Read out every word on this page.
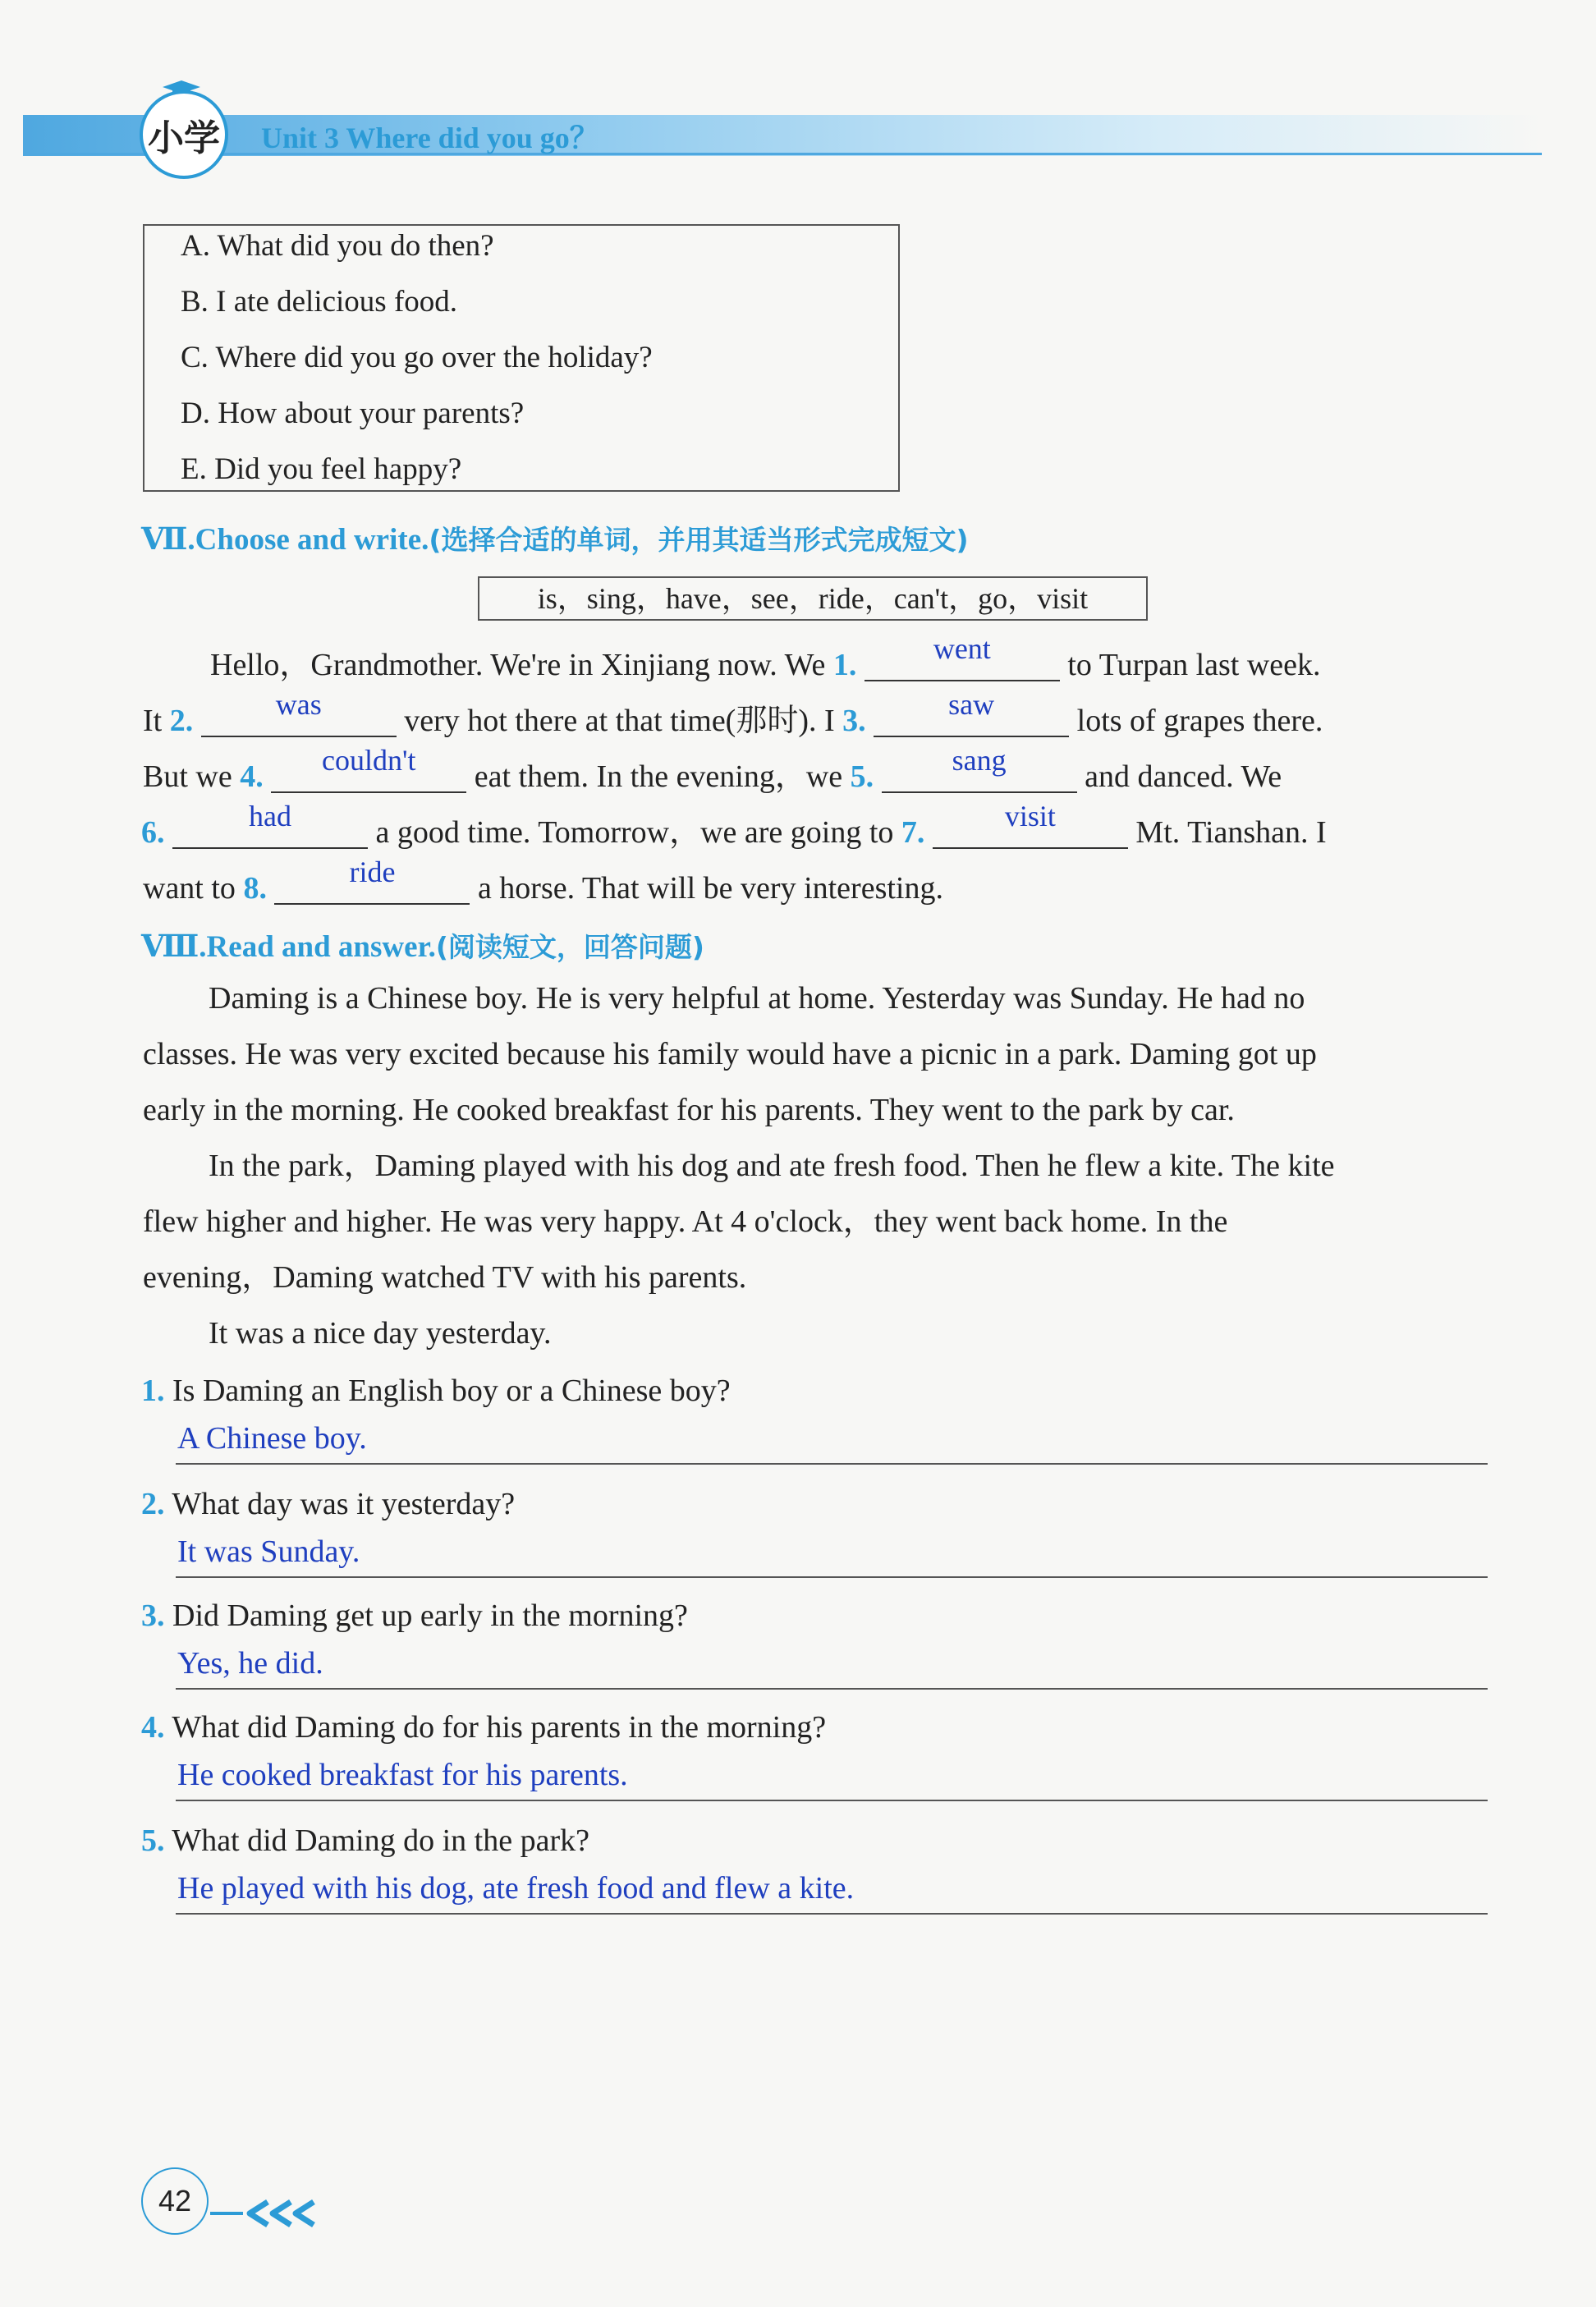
小学 Unit 3 Where did you go？
A. What did you do then?
B. I ate delicious food.
C. Where did you go over the holiday?
D. How about your parents?
E. Did you feel happy?
Ⅶ.Choose and write.(选择合适的单词，并用其适当形式完成短文)
is，sing，have，see，ride，can't，go，visit
Hello，Grandmother. We're in Xinjiang now. We 1.	went	to Turpan last week.
It 2.	was	very hot there at that time(那时). I 3.	saw	lots of grapes there.
But we 4.	couldn't	eat them. In the evening，we 5.	sang	and danced. We
6.	had	a good time. Tomorrow，we are going to 7.	visit	Mt. Tianshan. I
want to 8.	ride	a horse. That will be very interesting.
Ⅷ.Read and answer.(阅读短文，回答问题)
Daming is a Chinese boy. He is very helpful at home. Yesterday was Sunday. He had no
classes. He was very excited because his family would have a picnic in a park. Daming got up
early in the morning. He cooked breakfast for his parents. They went to the park by car.
In the park，Daming played with his dog and ate fresh food. Then he flew a kite. The kite
flew higher and higher. He was very happy. At 4 o'clock，they went back home. In the
evening，Daming watched TV with his parents.
It was a nice day yesterday.
1. Is Daming an English boy or a Chinese boy?
A Chinese boy.
2. What day was it yesterday?
It was Sunday.
3. Did Daming get up early in the morning?
Yes, he did.
4. What did Daming do for his parents in the morning?
He cooked breakfast for his parents.
5. What did Daming do in the park?
He played with his dog, ate fresh food and flew a kite.
42
